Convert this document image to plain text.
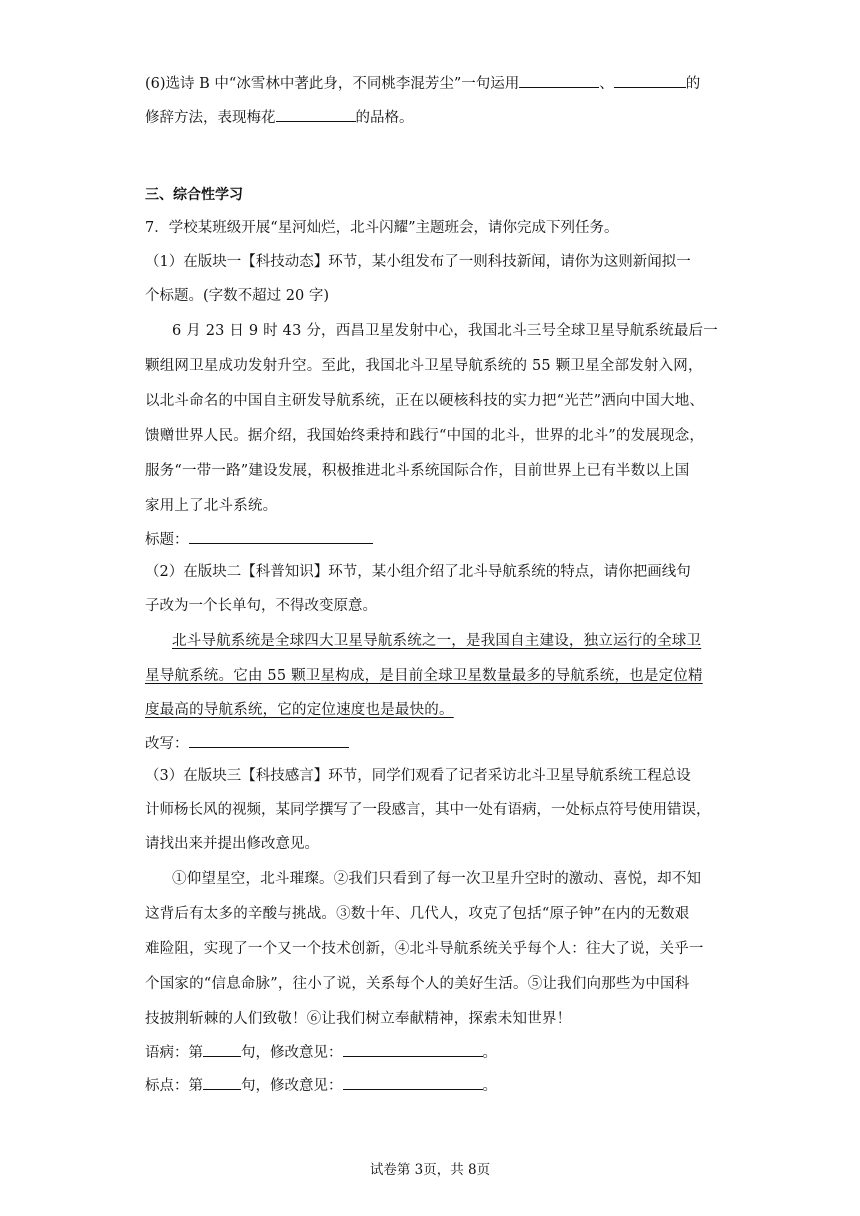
(6)选诗 B 中“冰雪林中著此身，不同桃李混芳尘”一句运用	、	的
修辞方法，表现梅花	的品格。
三、综合性学习
7．学校某班级开展“星河灿烂，北斗闪耀”主题班会，请你完成下列任务。
（1）在版块一【科技动态】环节，某小组发布了一则科技新闻，请你为这则新闻拟一
个标题。(字数不超过 20 字)
6 月 23 日 9 时 43 分，西昌卫星发射中心，我国北斗三号全球卫星导航系统最后一
颗组网卫星成功发射升空。至此，我国北斗卫星导航系统的 55 颗卫星全部发射入网，
以北斗命名的中国自主研发导航系统，正在以硬核科技的实力把“光芒”洒向中国大地、
馈赠世界人民。据介绍，我国始终秉持和践行“中国的北斗，世界的北斗”的发展现念，
服务“一带一路”建设发展，积极推进北斗系统国际合作，目前世界上已有半数以上国
家用上了北斗系统。
标题：
（2）在版块二【科普知识】环节，某小组介绍了北斗导航系统的特点，请你把画线句
子改为一个长单句，不得改变原意。
北斗导航系统是全球四大卫星导航系统之一，是我国自主建设，独立运行的全球卫
星导航系统。它由 55 颗卫星构成，是目前全球卫星数量最多的导航系统，也是定位精
度最高的导航系统，它的定位速度也是最快的。
改写：
（3）在版块三【科技感言】环节，同学们观看了记者采访北斗卫星导航系统工程总设
计师杨长风的视频，某同学撰写了一段感言，其中一处有语病，一处标点符号使用错误，
请找出来并提出修改意见。
①仰望星空，北斗璀璨。②我们只看到了每一次卫星升空时的激动、喜悦，却不知
这背后有太多的辛酸与挑战。③数十年、几代人，攻克了包括“原子钟”在内的无数艰
难险阻，实现了一个又一个技术创新，④北斗导航系统关乎每个人：往大了说，关乎一
个国家的“信息命脉”，往小了说，关系每个人的美好生活。⑤让我们向那些为中国科
技披荆斩棘的人们致敬！⑥让我们树立奉献精神，探索未知世界！
语病：第	句，修改意见：	。
标点：第	句，修改意见：	。
试卷第 3页，共 8页
